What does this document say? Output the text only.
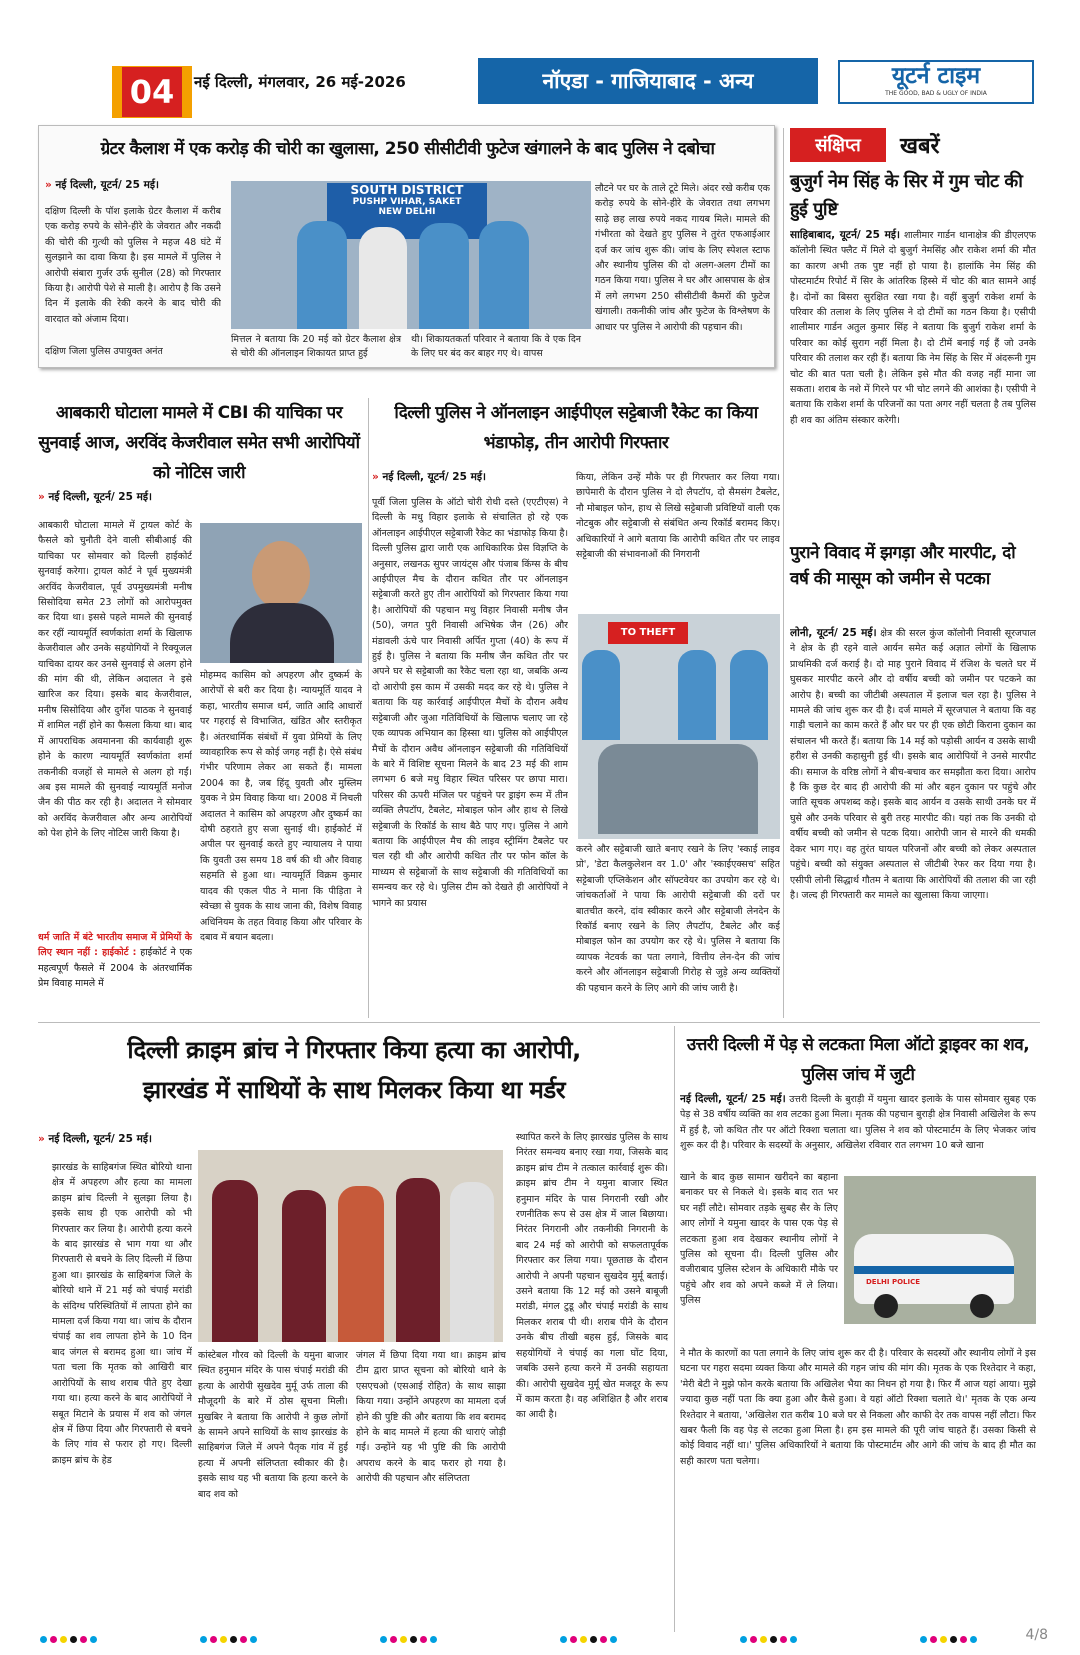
04	नई दिल्ली, मंगलवार, 26 मई-2026	नॉएडा - गाजियाबाद - अन्य	यूटर्न टाइम
THE GOOD, BAD & UGLY OF INDIA
ग्रेटर कैलाश में एक करोड़ की चोरी का खुलासा, 250 सीसीटीवी फुटेज खंगालने के बाद पुलिस ने दबोचा
» नई दिल्ली, यूटर्न/ 25 मई।
दक्षिण दिल्ली के पॉश इलाके ग्रेटर कैलाश में करीब एक करोड़ रुपये के सोने-हीरे के जेवरात और नकदी की चोरी की गुत्थी को पुलिस ने महज 48 घंटे में सुलझाने का दावा किया है। इस मामले में पुलिस ने आरोपी संबारा गुर्जर उर्फ सुनील (28) को गिरफ्तार किया है। आरोपी पेशे से माली है। आरोप है कि उसने दिन में इलाके की रेकी करने के बाद चोरी की वारदात को अंजाम दिया।
दक्षिण जिला पुलिस उपायुक्त अनंत
SOUTH DISTRICT
PUSHP VIHAR, SAKET
NEW DELHI
मित्तल ने बताया कि 20 मई को ग्रेटर कैलाश क्षेत्र से चोरी की ऑनलाइन शिकायत प्राप्त हुई
थी। शिकायतकर्ता परिवार ने बताया कि वे एक दिन के लिए घर बंद कर बाहर गए थे। वापस
लौटने पर घर के ताले टूटे मिले। अंदर रखे करीब एक करोड़ रुपये के सोने-हीरे के जेवरात तथा लगभग साढ़े छह लाख रुपये नकद गायब मिले। मामले की गंभीरता को देखते हुए पुलिस ने तुरंत एफआईआर दर्ज कर जांच शुरू की। जांच के लिए स्पेशल स्टाफ और स्थानीय पुलिस की दो अलग-अलग टीमों का गठन किया गया। पुलिस ने घर और आसपास के क्षेत्र में लगे लगभग 250 सीसीटीवी कैमरों की फुटेज खंगाली। तकनीकी जांच और फुटेज के विश्लेषण के आधार पर पुलिस ने आरोपी की पहचान की।
संक्षिप्त	खबरें
बुजुर्ग नेम सिंह के सिर में गुम चोट की हुई पुष्टि
साहिबाबाद, यूटर्न/ 25 मई। शालीमार गार्डन थानाक्षेत्र की डीएलएफ कॉलोनी स्थित फ्लैट में मिले दो बुजुर्ग नेमसिंह और राकेश शर्मा की मौत का कारण अभी तक पुष्ट नहीं हो पाया है। हालांकि नेम सिंह की पोस्टमार्टम रिपोर्ट में सिर के आंतरिक हिस्से में चोट की बात सामने आई है। दोनों का बिसरा सुरक्षित रखा गया है। वहीं बुजुर्ग राकेश शर्मा के परिवार की तलाश के लिए पुलिस ने दो टीमों का गठन किया है। एसीपी शालीमार गार्डन अतुल कुमार सिंह ने बताया कि बुजुर्ग राकेश शर्मा के परिवार का कोई सुराग नहीं मिला है। दो टीमें बनाई गई हैं जो उनके परिवार की तलाश कर रही हैं। बताया कि नेम सिंह के सिर में अंदरूनी गुम चोट की बात पता चली है। लेकिन इसे मौत की वजह नहीं माना जा सकता। शराब के नशे में गिरने पर भी चोट लगने की आशंका है। एसीपी ने बताया कि राकेश शर्मा के परिजनों का पता अगर नहीं चलता है तब पुलिस ही शव का अंतिम संस्कार करेगी।
पुराने विवाद में झगड़ा और मारपीट, दो वर्ष की मासूम को जमीन से पटका
लोनी, यूटर्न/ 25 मई। क्षेत्र की सरल कुंज कॉलोनी निवासी सूरजपाल ने क्षेत्र के ही रहने वाले आर्यन समेत कई अज्ञात लोगों के खिलाफ प्राथमिकी दर्ज कराई है। दो माह पुराने विवाद में रंजिश के चलते घर में घुसकर मारपीट करने और दो वर्षीय बच्ची को जमीन पर पटकने का आरोप है। बच्ची का जीटीबी अस्पताल में इलाज चल रहा है। पुलिस ने मामले की जांच शुरू कर दी है। दर्ज मामले में सूरजपाल ने बताया कि वह गाड़ी चलाने का काम करते हैं और घर पर ही एक छोटी किराना दुकान का संचालन भी करते हैं। बताया कि 14 मई को पड़ोसी आर्यन व उसके साथी हरीश से उनकी कहासुनी हुई थी। इसके बाद आरोपियों ने उनसे मारपीट की। समाज के वरिष्ठ लोगों ने बीच-बचाव कर समझौता करा दिया। आरोप है कि कुछ देर बाद ही आरोपी की मां और बहन दुकान पर पहुंचे और जाति सूचक अपशब्द कहे। इसके बाद आर्यन व उसके साथी उनके घर में घुसे और उनके परिवार से बुरी तरह मारपीट की। यहां तक कि उनकी दो वर्षीय बच्ची को जमीन से पटक दिया। आरोपी जान से मारने की धमकी देकर भाग गए। वह तुरंत घायल परिजनों और बच्ची को लेकर अस्पताल पहुंचे। बच्ची को संयुक्त अस्पताल से जीटीबी रेफर कर दिया गया है। एसीपी लोनी सिद्धार्थ गौतम ने बताया कि आरोपियों की तलाश की जा रही है। जल्द ही गिरफ्तारी कर मामले का खुलासा किया जाएगा।
आबकारी घोटाला मामले में CBI की याचिका पर सुनवाई आज, अरविंद केजरीवाल समेत सभी आरोपियों को नोटिस जारी
» नई दिल्ली, यूटर्न/ 25 मई।
आबकारी घोटाला मामले में ट्रायल कोर्ट के फैसले को चुनौती देने वाली सीबीआई की याचिका पर सोमवार को दिल्ली हाईकोर्ट सुनवाई करेगा। ट्रायल कोर्ट ने पूर्व मुख्यमंत्री अरविंद केजरीवाल, पूर्व उपमुख्यमंत्री मनीष सिसोदिया समेत 23 लोगों को आरोपमुक्त कर दिया था। इससे पहले मामले की सुनवाई कर रहीं न्यायमूर्ति स्वर्णकांता शर्मा के खिलाफ केजरीवाल और उनके सहयोगियों ने रिक्यूजल याचिका दायर कर उनसे सुनवाई से अलग होने की मांग की थी, लेकिन अदालत ने इसे खारिज कर दिया। इसके बाद केजरीवाल, मनीष सिसोदिया और दुर्गेश पाठक ने सुनवाई में शामिल नहीं होने का फैसला किया था। बाद में आपराधिक अवमानना की कार्यवाही शुरू होने के कारण न्यायमूर्ति स्वर्णकांता शर्मा तकनीकी वजहों से मामले से अलग हो गईं। अब इस मामले की सुनवाई न्यायमूर्ति मनोज जैन की पीठ कर रही है। अदालत ने सोमवार को अरविंद केजरीवाल और अन्य आरोपियों को पेश होने के लिए नोटिस जारी किया है।
धर्म जाति में बंटे भारतीय समाज में प्रेमियों के लिए स्थान नहीं : हाईकोर्ट : हाईकोर्ट ने एक महत्वपूर्ण फैसले में 2004 के अंतरधार्मिक प्रेम विवाह मामले में
मोहम्मद कासिम को अपहरण और दुष्कर्म के आरोपों से बरी कर दिया है। न्यायमूर्ति यादव ने कहा, भारतीय समाज धर्म, जाति आदि आधारों पर गहराई से विभाजित, खंडित और स्तरीकृत है। अंतरधार्मिक संबंधों में युवा प्रेमियों के लिए व्यावहारिक रूप से कोई जगह नहीं है। ऐसे संबंध गंभीर परिणाम लेकर आ सकते हैं। मामला 2004 का है, जब हिंदू युवती और मुस्लिम युवक ने प्रेम विवाह किया था। 2008 में निचली अदालत ने कासिम को अपहरण और दुष्कर्म का दोषी ठहराते हुए सजा सुनाई थी। हाईकोर्ट में अपील पर सुनवाई करते हुए न्यायालय ने पाया कि युवती उस समय 18 वर्ष की थी और विवाह सहमति से हुआ था। न्यायमूर्ति विक्रम कुमार यादव की एकल पीठ ने माना कि पीड़िता ने स्वेच्छा से युवक के साथ जाना की, विशेष विवाह अधिनियम के तहत विवाह किया और परिवार के दबाव में बयान बदला।
दिल्ली पुलिस ने ऑनलाइन आईपीएल सट्टेबाजी रैकेट का किया भंडाफोड़, तीन आरोपी गिरफ्तार
» नई दिल्ली, यूटर्न/ 25 मई।
पूर्वी जिला पुलिस के ऑटो चोरी रोधी दस्ते (एएटीएस) ने दिल्ली के मधु विहार इलाके से संचालित हो रहे एक ऑनलाइन आईपीएल सट्टेबाजी रैकेट का भंडाफोड़ किया है। दिल्ली पुलिस द्वारा जारी एक आधिकारिक प्रेस विज्ञप्ति के अनुसार, लखनऊ सुपर जायंट्स और पंजाब किंग्स के बीच आईपीएल मैच के दौरान कथित तौर पर ऑनलाइन सट्टेबाजी करते हुए तीन आरोपियों को गिरफ्तार किया गया है। आरोपियों की पहचान मधु विहार निवासी मनीष जैन (50), जगत पुरी निवासी अभिषेक जैन (26) और मंडावली ऊंचे पार निवासी अर्पित गुप्ता (40) के रूप में हुई है। पुलिस ने बताया कि मनीष जैन कथित तौर पर अपने घर से सट्टेबाजी का रैकेट चला रहा था, जबकि अन्य दो आरोपी इस काम में उसकी मदद कर रहे थे। पुलिस ने बताया कि यह कार्रवाई आईपीएल मैचों के दौरान अवैध सट्टेबाजी और जुआ गतिविधियों के खिलाफ चलाए जा रहे एक व्यापक अभियान का हिस्सा था। पुलिस को आईपीएल मैचों के दौरान अवैध ऑनलाइन सट्टेबाजी की गतिविधियों के बारे में विशिष्ट सूचना मिलने के बाद 23 मई की शाम लगभग 6 बजे मधु विहार स्थित परिसर पर छापा मारा। परिसर की ऊपरी मंजिल पर पहुंचने पर ड्राइंग रूम में तीन व्यक्ति लैपटॉप, टैबलेट, मोबाइल फोन और हाथ से लिखे सट्टेबाजी के रिकॉर्ड के साथ बैठे पाए गए। पुलिस ने आगे बताया कि आईपीएल मैच की लाइव स्ट्रीमिंग टैबलेट पर चल रही थी और आरोपी कथित तौर पर फोन कॉल के माध्यम से सट्टेबाजों के साथ सट्टेबाजी की गतिविधियों का समन्वय कर रहे थे। पुलिस टीम को देखते ही आरोपियों ने भागने का प्रयास
किया, लेकिन उन्हें मौके पर ही गिरफ्तार कर लिया गया। छापेमारी के दौरान पुलिस ने दो लैपटॉप, दो सैमसंग टैबलेट, नौ मोबाइल फोन, हाथ से लिखे सट्टेबाजी प्रविष्टियों वाली एक नोटबुक और सट्टेबाजी से संबंधित अन्य रिकॉर्ड बरामद किए। अधिकारियों ने आगे बताया कि आरोपी कथित तौर पर लाइव सट्टेबाजी की संभावनाओं की निगरानी
TO THEFT
करने और सट्टेबाजी खाते बनाए रखने के लिए 'स्काई लाइव प्रो', 'डेटा कैलकुलेशन वर 1.0' और 'स्काईएक्सच' सहित सट्टेबाजी एप्लिकेशन और सॉफ्टवेयर का उपयोग कर रहे थे। जांचकर्ताओं ने पाया कि आरोपी सट्टेबाजी की दरों पर बातचीत करने, दांव स्वीकार करने और सट्टेबाजी लेनदेन के रिकॉर्ड बनाए रखने के लिए लैपटॉप, टैबलेट और कई मोबाइल फोन का उपयोग कर रहे थे। पुलिस ने बताया कि व्यापक नेटवर्क का पता लगाने, वित्तीय लेन-देन की जांच करने और ऑनलाइन सट्टेबाजी गिरोह से जुड़े अन्य व्यक्तियों की पहचान करने के लिए आगे की जांच जारी है।
दिल्ली क्राइम ब्रांच ने गिरफ्तार किया हत्या का आरोपी,
झारखंड में साथियों के साथ मिलकर किया था मर्डर
» नई दिल्ली, यूटर्न/ 25 मई।
झारखंड के साहिबगंज स्थित बोरियो थाना क्षेत्र में अपहरण और हत्या का मामला क्राइम ब्रांच दिल्ली ने सुलझा लिया है। इसके साथ ही एक आरोपी को भी गिरफ्तार कर लिया है। आरोपी हत्या करने के बाद झारखंड से भाग गया था और गिरफ्तारी से बचने के लिए दिल्ली में छिपा हुआ था। झारखंड के साहिबगंज जिले के बोरियो थाने में 21 मई को चंपाई मरांडी के संदिग्ध परिस्थितियों में लापता होने का मामला दर्ज किया गया था। जांच के दौरान चंपाई का शव लापता होने के 10 दिन बाद जंगल से बरामद हुआ था। जांच में पता चला कि मृतक को आखिरी बार आरोपियों के साथ शराब पीते हुए देखा गया था। हत्या करने के बाद आरोपियों ने सबूत मिटाने के प्रयास में शव को जंगल क्षेत्र में छिपा दिया और गिरफ्तारी से बचने के लिए गांव से फरार हो गए। दिल्ली क्राइम ब्रांच के हेड
कांस्टेबल गौरव को दिल्ली के यमुना बाजार स्थित हनुमान मंदिर के पास चंपाई मरांडी की हत्या के आरोपी सुखदेव मुर्मू उर्फ ताला की मौजूदगी के बारे में ठोस सूचना मिली। मुखबिर ने बताया कि आरोपी ने कुछ लोगों के सामने अपने साथियों के साथ झारखंड के साहिबगंज जिले में अपने पैतृक गांव में हुई हत्या में अपनी संलिप्तता स्वीकार की है। इसके साथ यह भी बताया कि हत्या करने के बाद शव को
जंगल में छिपा दिया गया था। क्राइम ब्रांच टीम द्वारा प्राप्त सूचना को बोरियो थाने के एसएचओ (एसआई रोहित) के साथ साझा किया गया। उन्होंने अपहरण का मामला दर्ज होने की पुष्टि की और बताया कि शव बरामद होने के बाद मामले में हत्या की धाराएं जोड़ी गई। उन्होंने यह भी पुष्टि की कि आरोपी अपराध करने के बाद फरार हो गया है। आरोपी की पहचान और संलिप्तता
स्थापित करने के लिए झारखंड पुलिस के साथ निरंतर समन्वय बनाए रखा गया, जिसके बाद क्राइम ब्रांच टीम ने तत्काल कार्रवाई शुरू की। क्राइम ब्रांच टीम ने यमुना बाजार स्थित हनुमान मंदिर के पास निगरानी रखी और रणनीतिक रूप से उस क्षेत्र में जाल बिछाया। निरंतर निगरानी और तकनीकी निगरानी के बाद 24 मई को आरोपी को सफलतापूर्वक गिरफ्तार कर लिया गया। पूछताछ के दौरान आरोपी ने अपनी पहचान सुखदेव मुर्मू बताई। उसने बताया कि 12 मई को उसने बाबूजी मरांडी, मंगल टुडू और चंपाई मरांडी के साथ मिलकर शराब पी थी। शराब पीने के दौरान उनके बीच तीखी बहस हुई, जिसके बाद सहयोगियों ने चंपाई का गला घोंट दिया, जबकि उसने हत्या करने में उनकी सहायता की। आरोपी सुखदेव मुर्मू खेत मजदूर के रूप में काम करता है। वह अशिक्षित है और शराब का आदी है।
उत्तरी दिल्ली में पेड़ से लटकता मिला ऑटो ड्राइवर का शव, पुलिस जांच में जुटी
नई दिल्ली, यूटर्न/ 25 मई। उत्तरी दिल्ली के बुराड़ी में यमुना खादर इलाके के पास सोमवार सुबह एक पेड़ से 38 वर्षीय व्यक्ति का शव लटका हुआ मिला। मृतक की पहचान बुराड़ी क्षेत्र निवासी अखिलेश के रूप में हुई है, जो कथित तौर पर ऑटो रिक्शा चलाता था। पुलिस ने शव को पोस्टमार्टम के लिए भेजकर जांच शुरू कर दी है। परिवार के सदस्यों के अनुसार, अखिलेश रविवार रात लगभग 10 बजे खाना
खाने के बाद कुछ सामान खरीदने का बहाना बनाकर घर से निकले थे। इसके बाद रात भर घर नहीं लौटे। सोमवार तड़के सुबह सैर के लिए आए लोगों ने यमुना खादर के पास एक पेड़ से लटकता हुआ शव देखकर स्थानीय लोगों ने पुलिस को सूचना दी। दिल्ली पुलिस और वजीराबाद पुलिस स्टेशन के अधिकारी मौके पर पहुंचे और शव को अपने कब्जे में ले लिया। पुलिस
DELHI POLICE
ने मौत के कारणों का पता लगाने के लिए जांच शुरू कर दी है। परिवार के सदस्यों और स्थानीय लोगों ने इस घटना पर गहरा सदमा व्यक्त किया और मामले की गहन जांच की मांग की। मृतक के एक रिश्तेदार ने कहा, 'मेरी बेटी ने मुझे फोन करके बताया कि अखिलेश भैया का निधन हो गया है। फिर मैं आज यहां आया। मुझे ज्यादा कुछ नहीं पता कि क्या हुआ और कैसे हुआ। वे यहां ऑटो रिक्शा चलाते थे।' मृतक के एक अन्य रिश्तेदार ने बताया, 'अखिलेश रात करीब 10 बजे घर से निकला और काफी देर तक वापस नहीं लौटा। फिर खबर फैली कि वह पेड़ से लटका हुआ मिला है। हम इस मामले की पूरी जांच चाहते हैं। उसका किसी से कोई विवाद नहीं था।' पुलिस अधिकारियों ने बताया कि पोस्टमार्टम और आगे की जांच के बाद ही मौत का सही कारण पता चलेगा।
4/8
